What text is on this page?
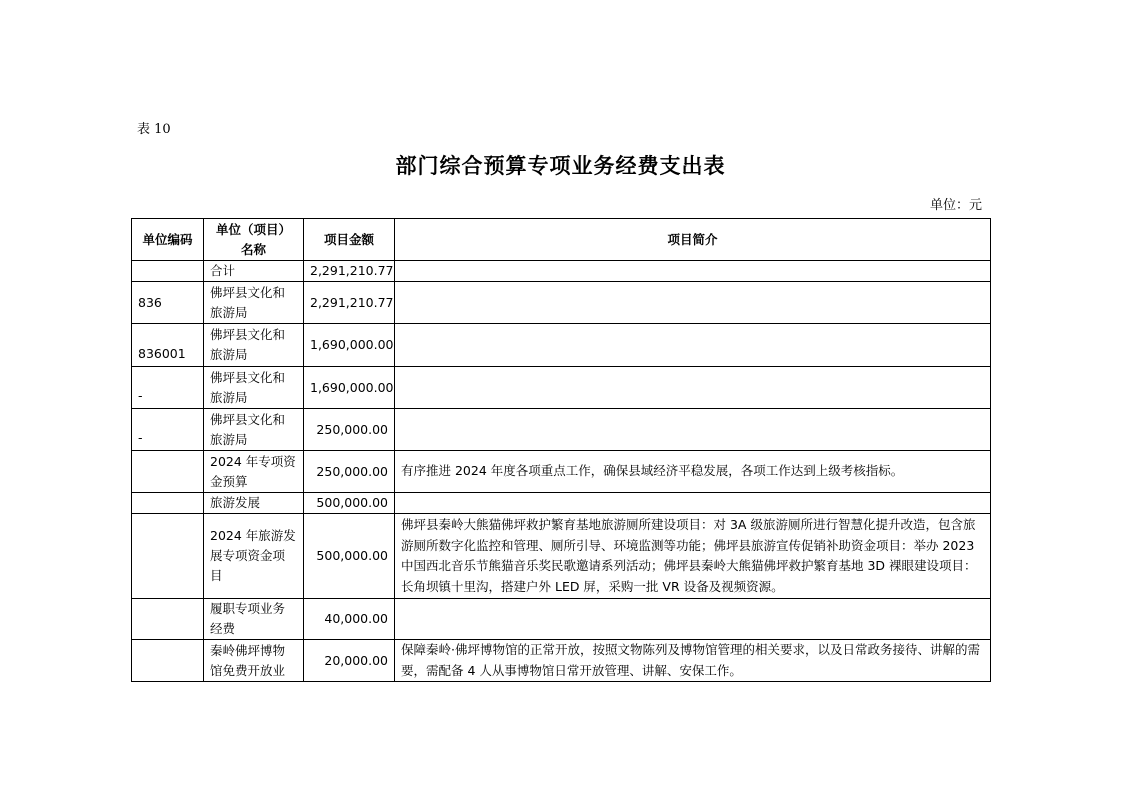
表 10
部门综合预算专项业务经费支出表
单位：元
单位编码	单位（项目）名称	项目金额	项目简介
	合计	2,291,210.77	
836	佛坪县文化和旅游局	2,291,210.77	
836001	佛坪县文化和旅游局	1,690,000.00	
-	佛坪县文化和旅游局	1,690,000.00	
-	佛坪县文化和旅游局	250,000.00	
	2024 年专项资金预算	250,000.00	有序推进 2024 年度各项重点工作，确保县域经济平稳发展，各项工作达到上级考核指标。
	旅游发展	500,000.00	
	2024 年旅游发展专项资金项目	500,000.00	佛坪县秦岭大熊猫佛坪救护繁育基地旅游厕所建设项目：对 3A 级旅游厕所进行智慧化提升改造，包含旅游厕所数字化监控和管理、厕所引导、环境监测等功能；佛坪县旅游宣传促销补助资金项目：举办 2023 中国西北音乐节熊猫音乐奖民歌邀请系列活动；佛坪县秦岭大熊猫佛坪救护繁育基地 3D 裸眼建设项目：长角坝镇十里沟，搭建户外 LED 屏，采购一批 VR 设备及视频资源。
	履职专项业务经费	40,000.00	
	秦岭佛坪博物馆免费开放业	20,000.00	保障秦岭·佛坪博物馆的正常开放，按照文物陈列及博物馆管理的相关要求，以及日常政务接待、讲解的需要，需配备 4 人从事博物馆日常开放管理、讲解、安保工作。
